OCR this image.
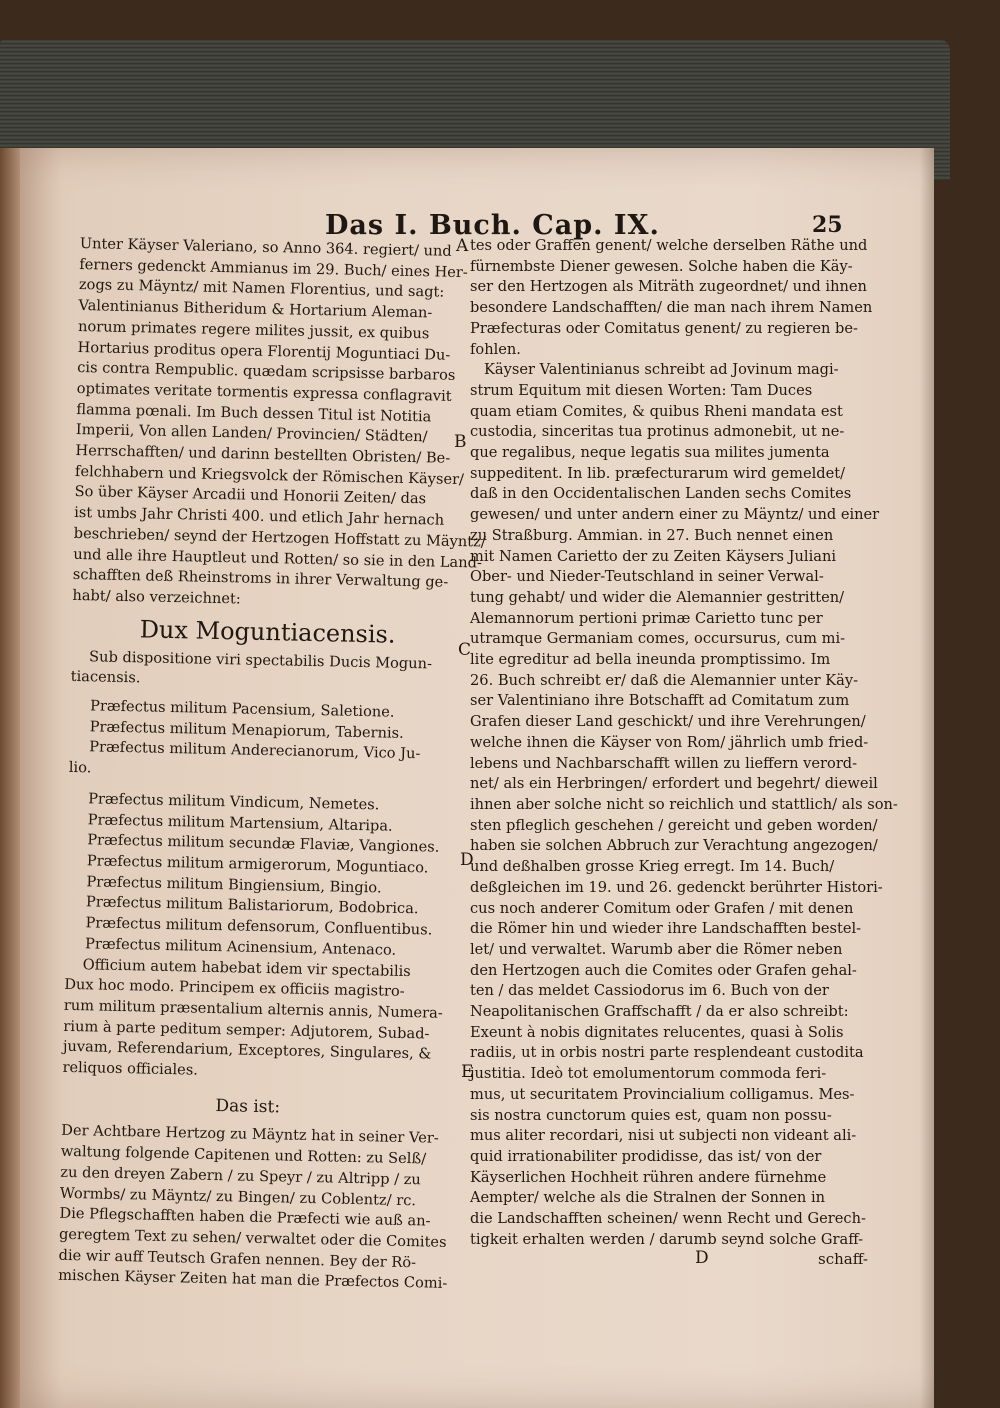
Das I. Buch. Cap. IX.	25
Unter Käyser Valeriano, so Anno 364. regiert/ und
ferners gedenckt Ammianus im 29. Buch/ eines Her-
zogs zu Mäyntz/ mit Namen Florentius, und sagt:
Valentinianus Bitheridum & Hortarium Aleman-
norum primates regere milites jussit, ex quibus
Hortarius proditus opera Florentij Moguntiaci Du-
cis contra Rempublic. quædam scripsisse barbaros
optimates veritate tormentis expressa conflagravit
flamma pœnali. Im Buch dessen Titul ist Notitia
Imperii, Von allen Landen/ Provincien/ Städten/
Herrschafften/ und darinn bestellten Obristen/ Be-
felchhabern und Kriegsvolck der Römischen Käyser/
So über Käyser Arcadii und Honorii Zeiten/ das
ist umbs Jahr Christi 400. und etlich Jahr hernach
beschrieben/ seynd der Hertzogen Hoffstatt zu Mäyntz/
und alle ihre Hauptleut und Rotten/ so sie in den Land-
schafften deß Rheinstroms in ihrer Verwaltung ge-
habt/ also verzeichnet:
Dux Moguntiacensis.
Sub dispositione viri spectabilis Ducis Mogun-
tiacensis.
Præfectus militum Pacensium, Saletione.
Præfectus militum Menapiorum, Tabernis.
Præfectus militum Anderecianorum, Vico Ju-
lio.
Præfectus militum Vindicum, Nemetes.
Præfectus militum Martensium, Altaripa.
Præfectus militum secundæ Flaviæ, Vangiones.
Præfectus militum armigerorum, Moguntiaco.
Præfectus militum Bingiensium, Bingio.
Præfectus militum Balistariorum, Bodobrica.
Præfectus militum defensorum, Confluentibus.
Præfectus militum Acinensium, Antenaco.
Officium autem habebat idem vir spectabilis
Dux hoc modo. Principem ex officiis magistro-
rum militum præsentalium alternis annis, Numera-
rium à parte peditum semper: Adjutorem, Subad-
juvam, Referendarium, Exceptores, Singulares, &
reliquos officiales.
Das ist:
Der Achtbare Hertzog zu Mäyntz hat in seiner Ver-
waltung folgende Capitenen und Rotten: zu Selß/
zu den dreyen Zabern / zu Speyr / zu Altripp / zu
Wormbs/ zu Mäyntz/ zu Bingen/ zu Coblentz/ rc.
Die Pflegschafften haben die Præfecti wie auß an-
geregtem Text zu sehen/ verwaltet oder die Comites
die wir auff Teutsch Grafen nennen. Bey der Rö-
mischen Käyser Zeiten hat man die Præfectos Comi-
A
B
C
D
E
tes oder Graffen genent/ welche derselben Räthe und
fürnembste Diener gewesen. Solche haben die Käy-
ser den Hertzogen als Miträth zugeordnet/ und ihnen
besondere Landschafften/ die man nach ihrem Namen
Præfecturas oder Comitatus genent/ zu regieren be-
fohlen.
Käyser Valentinianus schreibt ad Jovinum magi-
strum Equitum mit diesen Worten: Tam Duces
quam etiam Comites, & quibus Rheni mandata est
custodia, sinceritas tua protinus admonebit, ut ne-
que regalibus, neque legatis sua milites jumenta
suppeditent. In lib. præfecturarum wird gemeldet/
daß in den Occidentalischen Landen sechs Comites
gewesen/ und unter andern einer zu Mäyntz/ und einer
zu Straßburg. Ammian. in 27. Buch nennet einen
mit Namen Carietto der zu Zeiten Käysers Juliani
Ober- und Nieder-Teutschland in seiner Verwal-
tung gehabt/ und wider die Alemannier gestritten/
Alemannorum pertioni primæ Carietto tunc per
utramque Germaniam comes, occursurus, cum mi-
lite egreditur ad bella ineunda promptissimo. Im
26. Buch schreibt er/ daß die Alemannier unter Käy-
ser Valentiniano ihre Botschafft ad Comitatum zum
Grafen dieser Land geschickt/ und ihre Verehrungen/
welche ihnen die Käyser von Rom/ jährlich umb fried-
lebens und Nachbarschafft willen zu lieffern verord-
net/ als ein Herbringen/ erfordert und begehrt/ dieweil
ihnen aber solche nicht so reichlich und stattlich/ als son-
sten pfleglich geschehen / gereicht und geben worden/
haben sie solchen Abbruch zur Verachtung angezogen/
und deßhalben grosse Krieg erregt. Im 14. Buch/
deßgleichen im 19. und 26. gedenckt berührter Histori-
cus noch anderer Comitum oder Grafen / mit denen
die Römer hin und wieder ihre Landschafften bestel-
let/ und verwaltet. Warumb aber die Römer neben
den Hertzogen auch die Comites oder Grafen gehal-
ten / das meldet Cassiodorus im 6. Buch von der
Neapolitanischen Graffschafft / da er also schreibt:
Exeunt à nobis dignitates relucentes, quasi à Solis
radiis, ut in orbis nostri parte resplendeant custodita
justitia. Ideò tot emolumentorum commoda feri-
mus, ut securitatem Provincialium colligamus. Mes-
sis nostra cunctorum quies est, quam non possu-
mus aliter recordari, nisi ut subjecti non videant ali-
quid irrationabiliter prodidisse, das ist/ von der
Käyserlichen Hochheit rühren andere fürnehme
Aempter/ welche als die Stralnen der Sonnen in
die Landschafften scheinen/ wenn Recht und Gerech-
tigkeit erhalten werden / darumb seynd solche Graff-
D	schaff-
